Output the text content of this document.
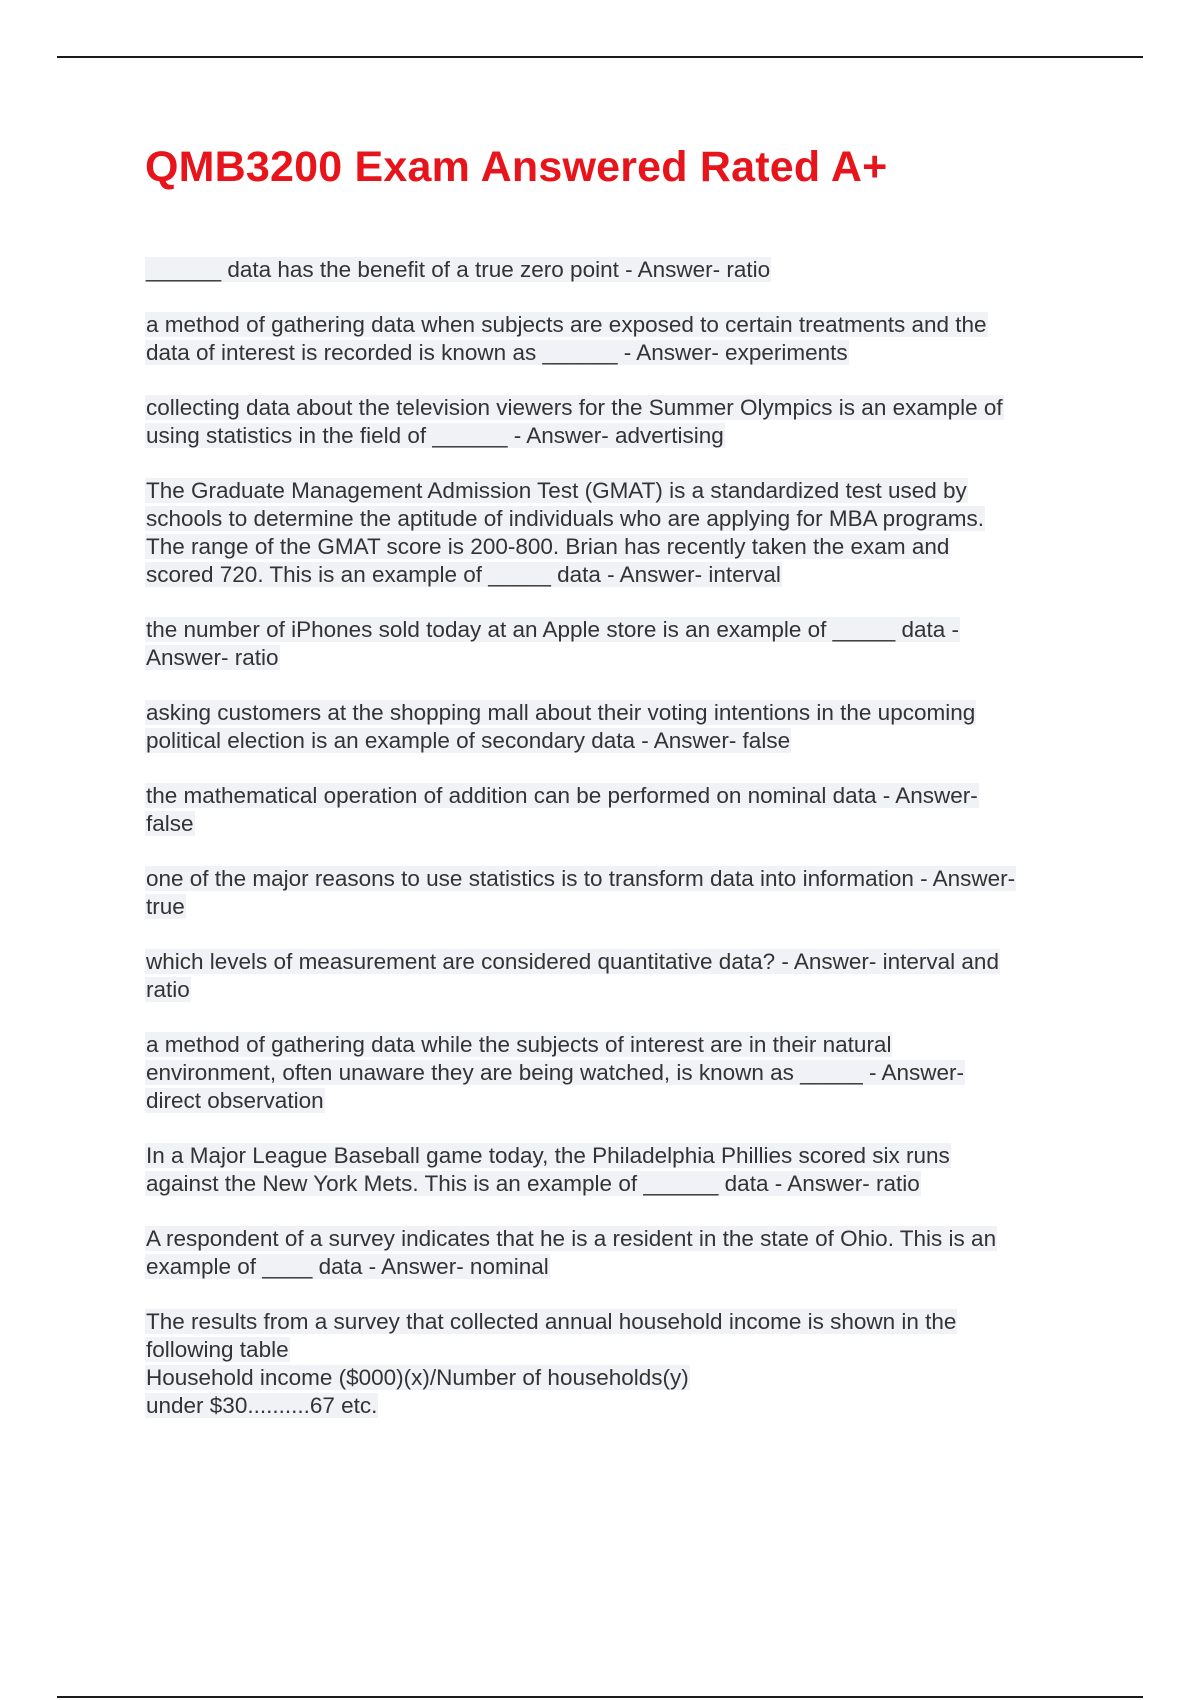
QMB3200 Exam Answered Rated A+

______ data has the benefit of a true zero point - Answer- ratio

a method of gathering data when subjects are exposed to certain treatments and the
data of interest is recorded is known as ______ - Answer- experiments

collecting data about the television viewers for the Summer Olympics is an example of
using statistics in the field of ______ - Answer- advertising

The Graduate Management Admission Test (GMAT) is a standardized test used by
schools to determine the aptitude of individuals who are applying for MBA programs.
The range of the GMAT score is 200-800. Brian has recently taken the exam and
scored 720. This is an example of _____ data - Answer- interval

the number of iPhones sold today at an Apple store is an example of _____ data -
Answer- ratio

asking customers at the shopping mall about their voting intentions in the upcoming
political election is an example of secondary data - Answer- false

the mathematical operation of addition can be performed on nominal data - Answer-
false

one of the major reasons to use statistics is to transform data into information - Answer-
true

which levels of measurement are considered quantitative data? - Answer- interval and
ratio

a method of gathering data while the subjects of interest are in their natural
environment, often unaware they are being watched, is known as _____ - Answer-
direct observation

In a Major League Baseball game today, the Philadelphia Phillies scored six runs
against the New York Mets. This is an example of ______ data - Answer- ratio

A respondent of a survey indicates that he is a resident in the state of Ohio. This is an
example of ____ data - Answer- nominal

The results from a survey that collected annual household income is shown in the
following table
Household income ($000)(x)/Number of households(y)
under $30..........67 etc.
